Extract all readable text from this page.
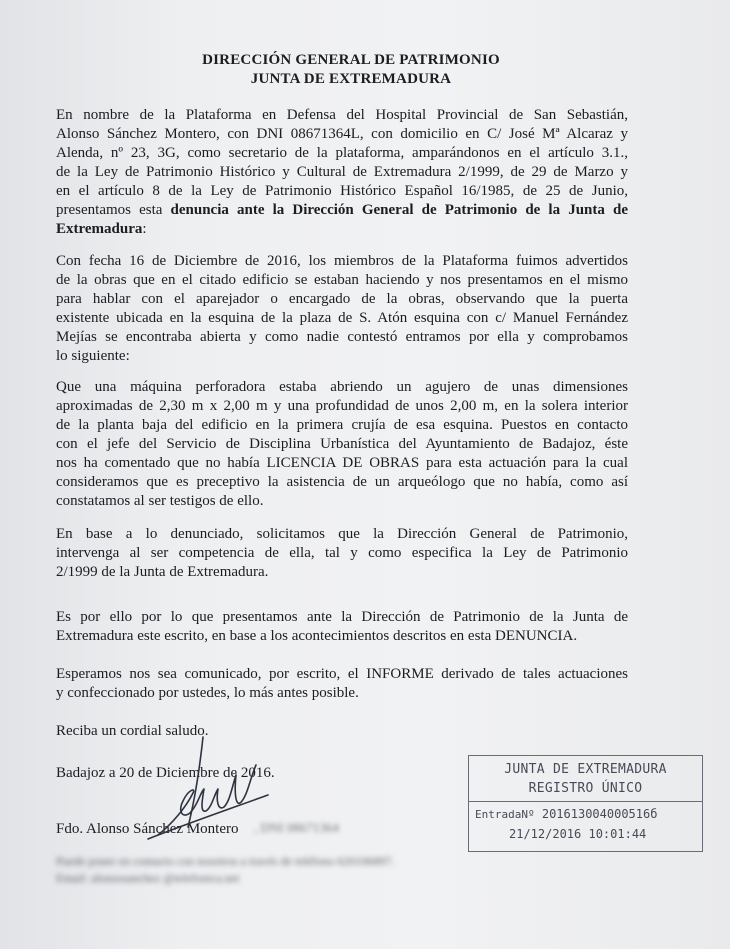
DIRECCIÓN GENERAL DE PATRIMONIO
JUNTA DE EXTREMADURA
En nombre de la Plataforma en Defensa del Hospital Provincial de San Sebastián,
Alonso Sánchez Montero, con DNI 08671364L, con domicilio en C/ José Mª Alcaraz y
Alenda, nº 23, 3G, como secretario de la plataforma, amparándonos en el artículo 3.1.,
de la Ley de Patrimonio Histórico y Cultural de Extremadura 2/1999, de 29 de Marzo y
en el artículo 8 de la Ley de Patrimonio Histórico Español 16/1985, de 25 de Junio,
presentamos esta denuncia ante la Dirección General de Patrimonio de la Junta de
Extremadura:
Con fecha 16 de Diciembre de 2016, los miembros de la Plataforma fuimos advertidos
de la obras que en el citado edificio se estaban haciendo y nos presentamos en el mismo
para hablar con el aparejador o encargado de la obras, observando que la puerta
existente ubicada en la esquina de la plaza de S. Atón esquina con c/ Manuel Fernández
Mejías se encontraba abierta y como nadie contestó entramos por ella y comprobamos
lo siguiente:
Que una máquina perforadora estaba abriendo un agujero de unas dimensiones
aproximadas de 2,30 m x 2,00 m y una profundidad de unos 2,00 m, en la solera interior
de la planta baja del edificio en la primera crujía de esa esquina. Puestos en contacto
con el jefe del Servicio de Disciplina Urbanística del Ayuntamiento de Badajoz, éste
nos ha comentado que no había LICENCIA DE OBRAS para esta actuación para la cual
consideramos que es preceptivo la asistencia de un arqueólogo que no había, como así
constatamos al ser testigos de ello.
En base a lo denunciado, solicitamos que la Dirección General de Patrimonio,
intervenga al ser competencia de ella, tal y como especifica la Ley de Patrimonio
2/1999 de la Junta de Extremadura.
Es por ello por lo que presentamos ante la Dirección de Patrimonio de la Junta de
Extremadura este escrito, en base a los acontecimientos descritos en esta DENUNCIA.
Esperamos nos sea comunicado, por escrito, el INFORME derivado de tales actuaciones
y confeccionado por ustedes, lo más antes posible.
Reciba un cordial saludo.
Badajoz a 20 de Diciembre de 2016.
Fdo. Alonso Sánchez Montero , DNI 08671364
Puede poner en contacto con nosotros a través de teléfono 620106897.
Email: alonsosanchez @telefonica.net
JUNTA DE EXTREMADURA
REGISTRO ÚNICO
EntradaNº 201613004000516б
21/12/2016 10:01:44
